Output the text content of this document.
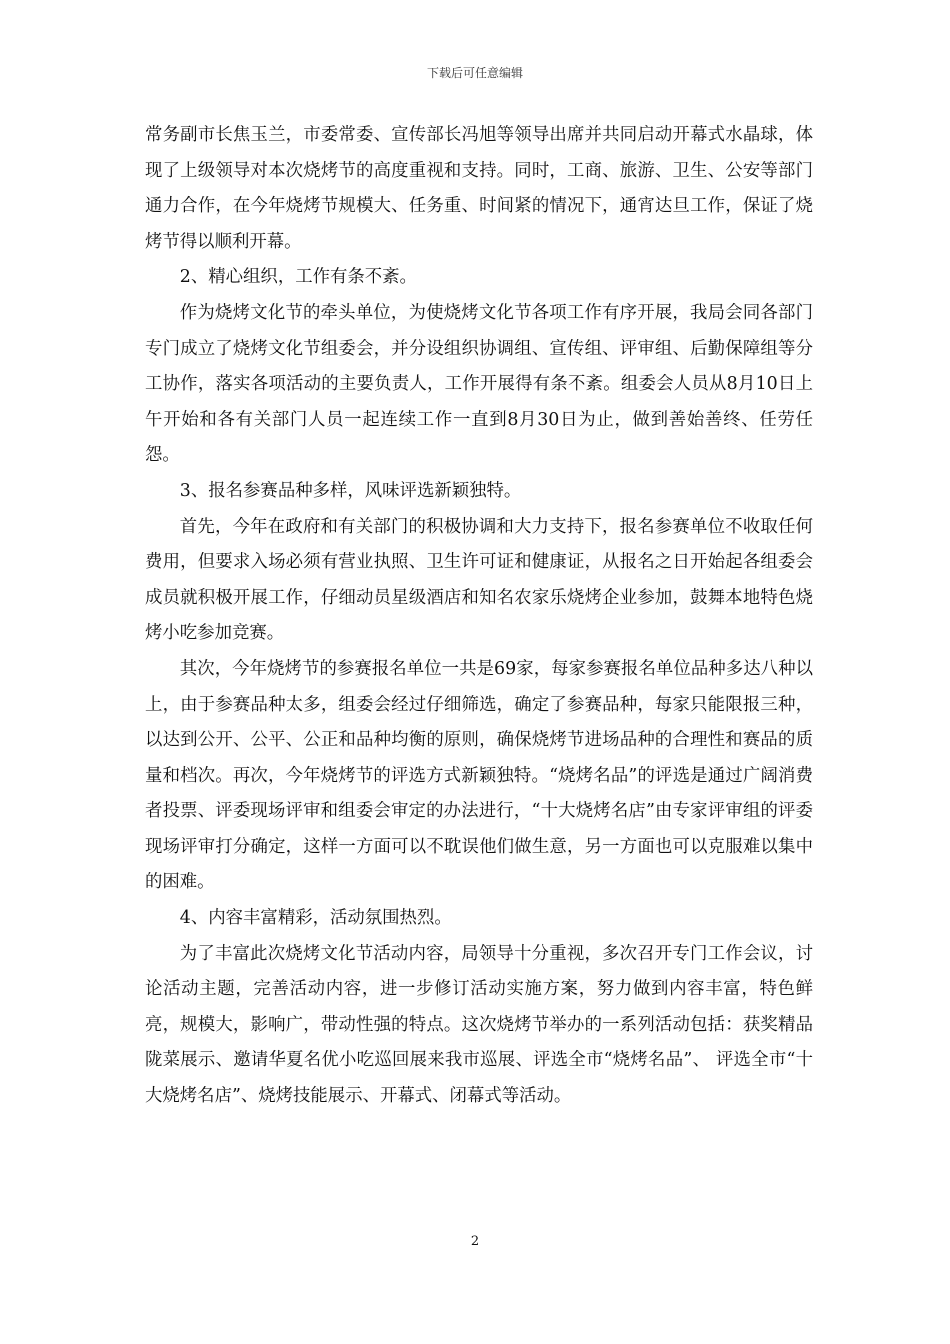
下载后可任意编辑

常务副市长焦玉兰，市委常委、宣传部长冯旭等领导出席并共同启动开幕式水晶球，体现了上级领导对本次烧烤节的高度重视和支持。同时，工商、旅游、卫生、公安等部门通力合作，在今年烧烤节规模大、任务重、时间紧的情况下，通宵达旦工作，保证了烧烤节得以顺利开幕。

2、精心组织，工作有条不紊。

作为烧烤文化节的牵头单位，为使烧烤文化节各项工作有序开展，我局会同各部门专门成立了烧烤文化节组委会，并分设组织协调组、宣传组、评审组、后勤保障组等分工协作，落实各项活动的主要负责人，工作开展得有条不紊。组委会人员从8月10日上午开始和各有关部门人员一起连续工作一直到8月30日为止，做到善始善终、任劳任怨。

3、报名参赛品种多样，风味评选新颖独特。

首先，今年在政府和有关部门的积极协调和大力支持下，报名参赛单位不收取任何费用，但要求入场必须有营业执照、卫生许可证和健康证，从报名之日开始起各组委会成员就积极开展工作，仔细动员星级酒店和知名农家乐烧烤企业参加，鼓舞本地特色烧烤小吃参加竞赛。

其次，今年烧烤节的参赛报名单位一共是69家，每家参赛报名单位品种多达八种以上，由于参赛品种太多，组委会经过仔细筛选，确定了参赛品种，每家只能限报三种，以达到公开、公平、公正和品种均衡的原则，确保烧烤节进场品种的合理性和赛品的质量和档次。再次，今年烧烤节的评选方式新颖独特。“烧烤名品”的评选是通过广阔消费者投票、评委现场评审和组委会审定的办法进行，“十大烧烤名店”由专家评审组的评委现场评审打分确定，这样一方面可以不耽误他们做生意，另一方面也可以克服难以集中的困难。

4、内容丰富精彩，活动氛围热烈。

为了丰富此次烧烤文化节活动内容，局领导十分重视，多次召开专门工作会议，讨论活动主题，完善活动内容，进一步修订活动实施方案，努力做到内容丰富，特色鲜亮，规模大，影响广，带动性强的特点。这次烧烤节举办的一系列活动包括：获奖精品陇菜展示、邀请华夏名优小吃巡回展来我市巡展、评选全市“烧烤名品”、 评选全市“十大烧烤名店”、烧烤技能展示、开幕式、闭幕式等活动。

2
